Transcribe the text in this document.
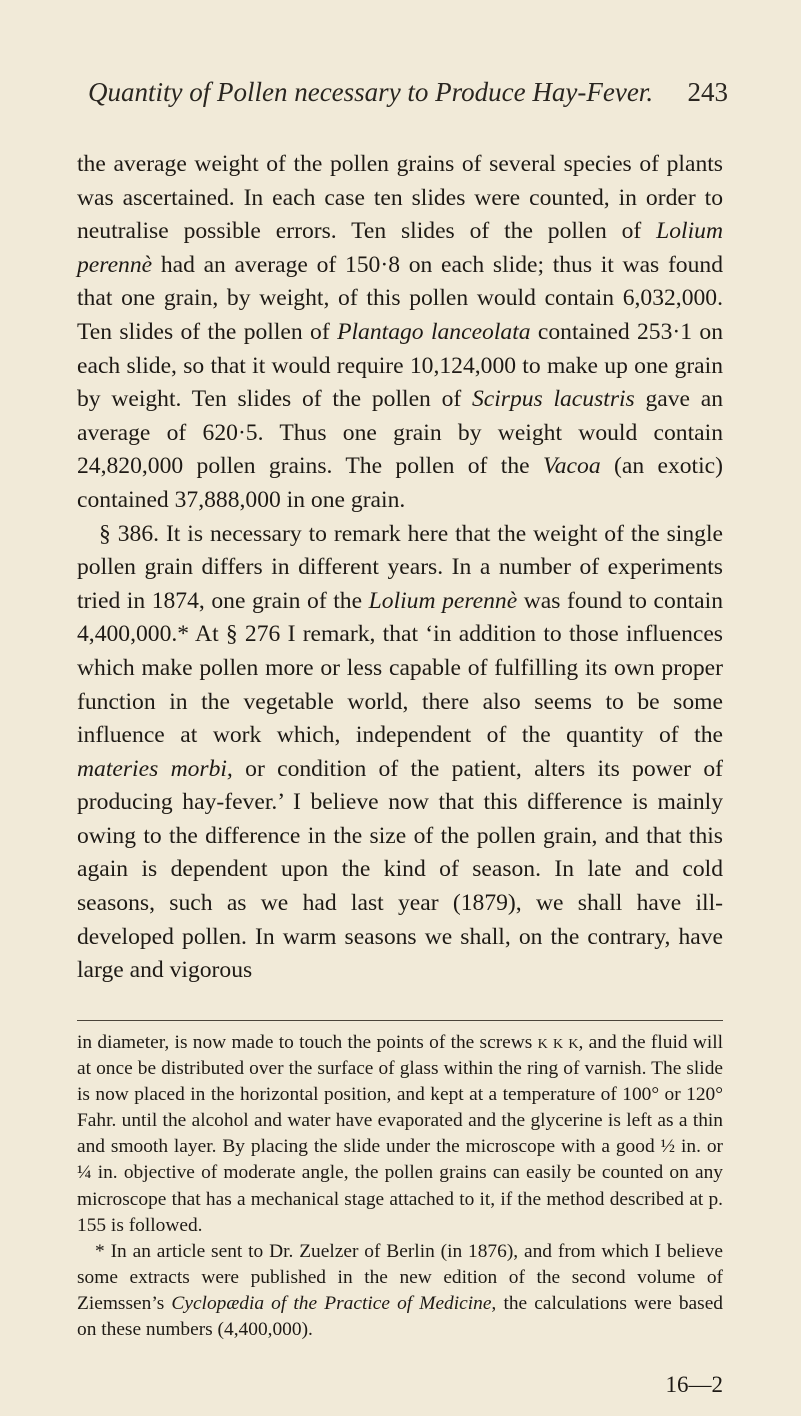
Quantity of Pollen necessary to Produce Hay-Fever. 243

the average weight of the pollen grains of several species of plants was ascertained. In each case ten slides were counted, in order to neutralise possible errors. Ten slides of the pollen of Lolium perennè had an average of 150·8 on each slide; thus it was found that one grain, by weight, of this pollen would contain 6,032,000. Ten slides of the pollen of Plantago lanceolata contained 253·1 on each slide, so that it would require 10,124,000 to make up one grain by weight. Ten slides of the pollen of Scirpus lacustris gave an average of 620·5. Thus one grain by weight would contain 24,820,000 pollen grains. The pollen of the Vacoa (an exotic) contained 37,888,000 in one grain.

§ 386. It is necessary to remark here that the weight of the single pollen grain differs in different years. In a number of experiments tried in 1874, one grain of the Lolium perennè was found to contain 4,400,000.* At § 276 I remark, that ‘in addition to those influences which make pollen more or less capable of fulfilling its own proper function in the vegetable world, there also seems to be some influence at work which, independent of the quantity of the materies morbi, or condition of the patient, alters its power of producing hay-fever.’ I believe now that this difference is mainly owing to the difference in the size of the pollen grain, and that this again is dependent upon the kind of season. In late and cold seasons, such as we had last year (1879), we shall have ill-developed pollen. In warm seasons we shall, on the contrary, have large and vigorous

in diameter, is now made to touch the points of the screws k k k, and the fluid will at once be distributed over the surface of glass within the ring of varnish. The slide is now placed in the horizontal position, and kept at a temperature of 100° or 120° Fahr. until the alcohol and water have evaporated and the glycerine is left as a thin and smooth layer. By placing the slide under the microscope with a good ½ in. or ¼ in. objective of moderate angle, the pollen grains can easily be counted on any microscope that has a mechanical stage attached to it, if the method described at p. 155 is followed.

* In an article sent to Dr. Zuelzer of Berlin (in 1876), and from which I believe some extracts were published in the new edition of the second volume of Ziemssen’s Cyclopædia of the Practice of Medicine, the calculations were based on these numbers (4,400,000).

16—2
